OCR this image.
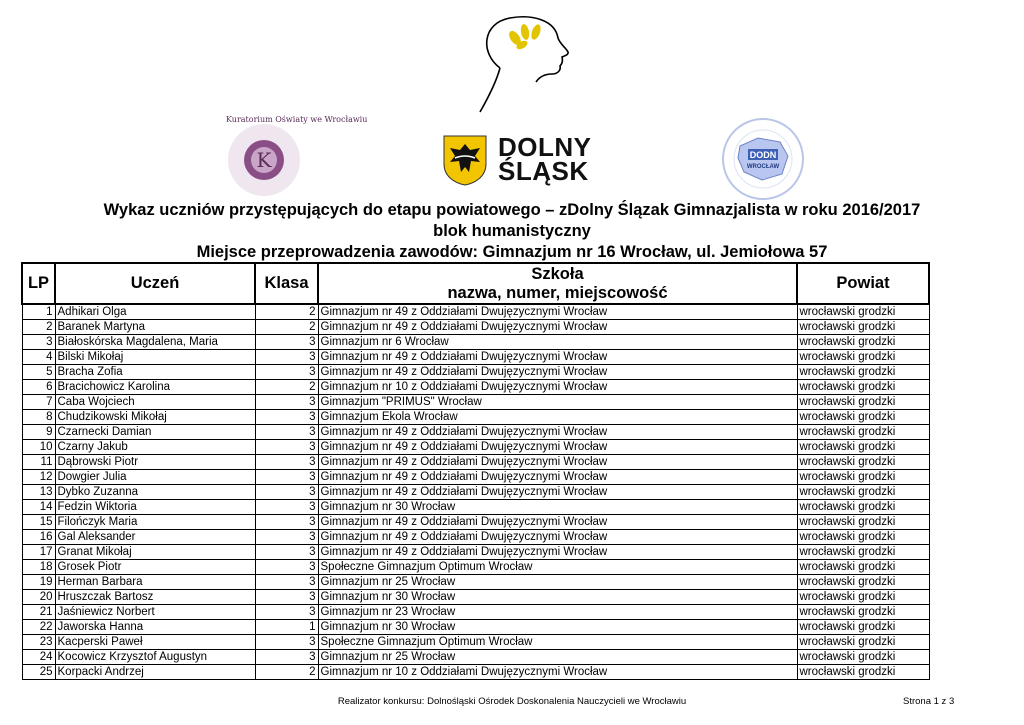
K
Kuratorium Oświaty we Wrocławiu
DOLNY
ŚLĄSK
DODN
WROCŁAW
Wykaz uczniów przystępujących do etapu powiatowego – zDolny Ślązak Gimnazjalista w roku 2016/2017
blok humanistyczny
Miejsce przeprowadzenia zawodów: Gimnazjum nr 16 Wrocław, ul. Jemiołowa 57
LP	Uczeń	Klasa	Szkoła
nazwa, numer, miejscowość	Powiat
1	Adhikari Olga	2	Gimnazjum nr 49 z Oddziałami Dwujęzycznymi Wrocław	wrocławski grodzki
2	Baranek Martyna	2	Gimnazjum nr 49 z Oddziałami Dwujęzycznymi Wrocław	wrocławski grodzki
3	Białoskórska Magdalena, Maria	3	Gimnazjum nr 6 Wrocław	wrocławski grodzki
4	Bilski Mikołaj	3	Gimnazjum nr 49 z Oddziałami Dwujęzycznymi Wrocław	wrocławski grodzki
5	Bracha Zofia	3	Gimnazjum nr 49 z Oddziałami Dwujęzycznymi Wrocław	wrocławski grodzki
6	Bracichowicz Karolina	2	Gimnazjum nr 10 z Oddziałami Dwujęzycznymi Wrocław	wrocławski grodzki
7	Caba Wojciech	3	Gimnazjum "PRIMUS" Wrocław	wrocławski grodzki
8	Chudzikowski Mikołaj	3	Gimnazjum Ekola Wrocław	wrocławski grodzki
9	Czarnecki Damian	3	Gimnazjum nr 49 z Oddziałami Dwujęzycznymi Wrocław	wrocławski grodzki
10	Czarny Jakub	3	Gimnazjum nr 49 z Oddziałami Dwujęzycznymi Wrocław	wrocławski grodzki
11	Dąbrowski Piotr	3	Gimnazjum nr 49 z Oddziałami Dwujęzycznymi Wrocław	wrocławski grodzki
12	Dowgier Julia	3	Gimnazjum nr 49 z Oddziałami Dwujęzycznymi Wrocław	wrocławski grodzki
13	Dybko Zuzanna	3	Gimnazjum nr 49 z Oddziałami Dwujęzycznymi Wrocław	wrocławski grodzki
14	Fedzin Wiktoria	3	Gimnazjum nr 30 Wrocław	wrocławski grodzki
15	Filończyk Maria	3	Gimnazjum nr 49 z Oddziałami Dwujęzycznymi Wrocław	wrocławski grodzki
16	Gal Aleksander	3	Gimnazjum nr 49 z Oddziałami Dwujęzycznymi Wrocław	wrocławski grodzki
17	Granat Mikołaj	3	Gimnazjum nr 49 z Oddziałami Dwujęzycznymi Wrocław	wrocławski grodzki
18	Grosek Piotr	3	Społeczne Gimnazjum Optimum Wrocław	wrocławski grodzki
19	Herman Barbara	3	Gimnazjum nr 25 Wrocław	wrocławski grodzki
20	Hruszczak Bartosz	3	Gimnazjum nr 30 Wrocław	wrocławski grodzki
21	Jaśniewicz Norbert	3	Gimnazjum nr 23 Wrocław	wrocławski grodzki
22	Jaworska Hanna	1	Gimnazjum nr 30 Wrocław	wrocławski grodzki
23	Kacperski Paweł	3	Społeczne Gimnazjum Optimum Wrocław	wrocławski grodzki
24	Kocowicz Krzysztof Augustyn	3	Gimnazjum nr 25 Wrocław	wrocławski grodzki
25	Korpacki Andrzej	2	Gimnazjum nr 10 z Oddziałami Dwujęzycznymi Wrocław	wrocławski grodzki
Realizator konkursu: Dolnośląski Ośrodek Doskonalenia Nauczycieli we Wrocławiu	Strona 1 z 3
